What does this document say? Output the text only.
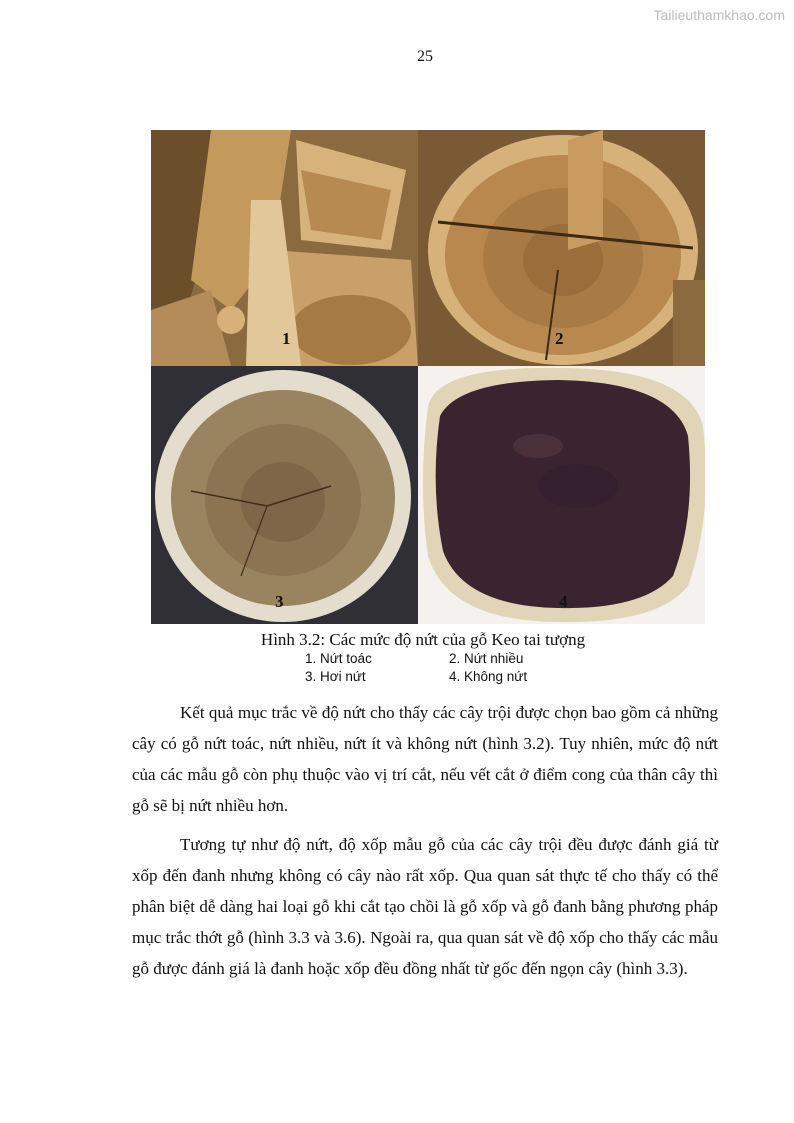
Tailieuthamkhao.com
25
1	2
3	4
Hình 3.2: Các mức độ nứt của gỗ Keo tai tượng
1. Nứt toác	2. Nứt nhiều
3. Hơi nứt	4. Không nứt

Kết quả mục trắc về độ nứt cho thấy các cây trội được chọn bao gồm cả những cây có gỗ nứt toác, nứt nhiều, nứt ít và không nứt (hình 3.2). Tuy nhiên, mức độ nứt của các mẫu gỗ còn phụ thuộc vào vị trí cắt, nếu vết cắt ở điểm cong của thân cây thì gỗ sẽ bị nứt nhiều hơn.

Tương tự như độ nứt, độ xốp mẫu gỗ của các cây trội đều được đánh giá từ xốp đến đanh nhưng không có cây nào rất xốp. Qua quan sát thực tế cho thấy có thể phân biệt dễ dàng hai loại gỗ khi cắt tạo chồi là gỗ xốp và gỗ đanh bằng phương pháp mục trắc thớt gỗ (hình 3.3 và 3.6). Ngoài ra, qua quan sát về độ xốp cho thấy các mẫu gỗ được đánh giá là đanh hoặc xốp đều đồng nhất từ gốc đến ngọn cây (hình 3.3).
